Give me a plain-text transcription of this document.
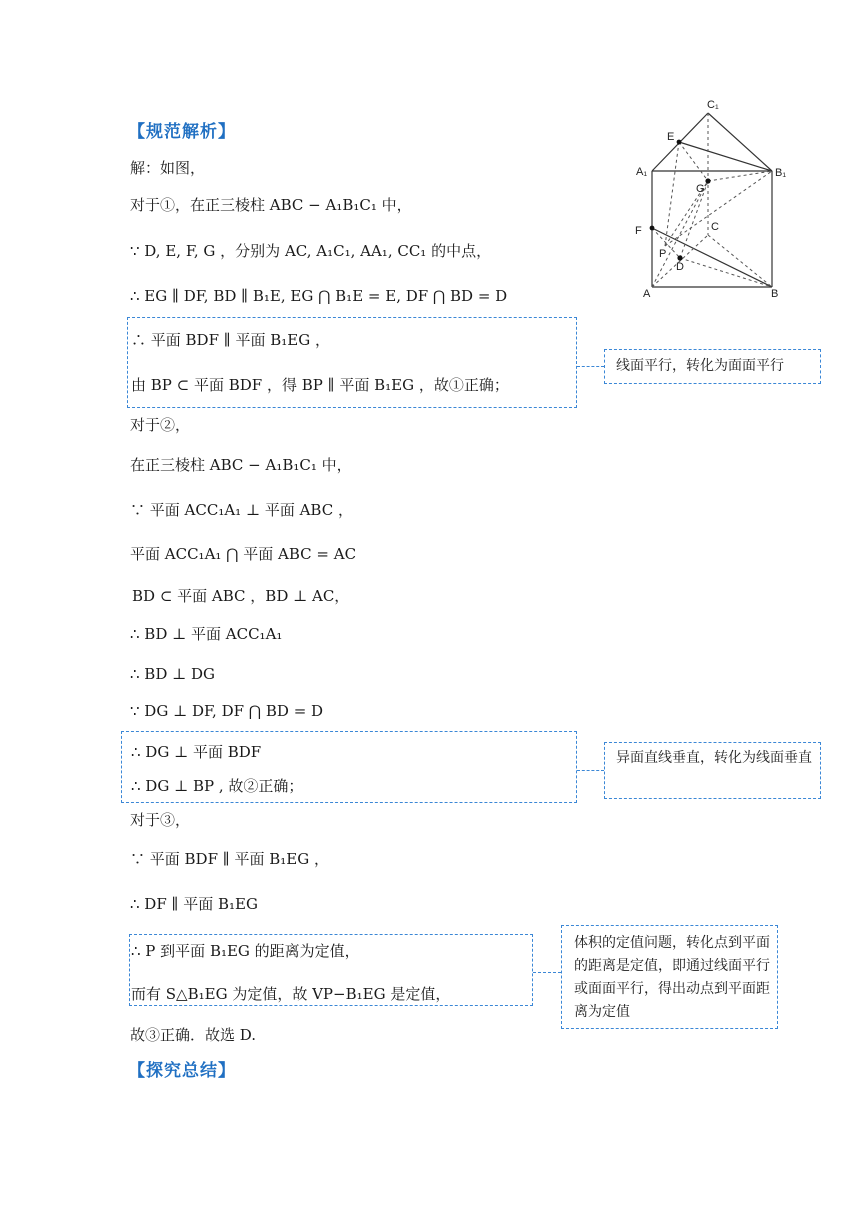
【规范解析】
解：如图，
对于①，在正三棱柱 ABC − A₁B₁C₁ 中，
∵ D, E, F, G ，分别为 AC, A₁C₁, AA₁, CC₁ 的中点，
∴ EG ∥ DF, BD ∥ B₁E, EG ⋂ B₁E = E, DF ⋂ BD = D
∴ 平面 BDF ∥ 平面 B₁EG ，
由 BP ⊂ 平面 BDF ，得 BP ∥ 平面 B₁EG ，故①正确；
线面平行，转化为面面平行
对于②，
在正三棱柱 ABC − A₁B₁C₁ 中，
∵ 平面 ACC₁A₁ ⊥ 平面 ABC ，
平面 ACC₁A₁ ⋂ 平面 ABC = AC
BD ⊂ 平面 ABC ，BD ⊥ AC，
∴ BD ⊥ 平面 ACC₁A₁
∴ BD ⊥ DG
∵ DG ⊥ DF, DF ⋂ BD = D
∴ DG ⊥ 平面 BDF
∴ DG ⊥ BP , 故②正确；
异面直线垂直，转化为线面垂直
对于③，
∵ 平面 BDF ∥ 平面 B₁EG ，
∴ DF ∥ 平面 B₁EG
∴ P 到平面 B₁EG 的距离为定值，
而有 S△B₁EG 为定值，故 VP−B₁EG 是定值，
体积的定值问题，转化点到平面的距离是定值，即通过线面平行或面面平行，得出动点到平面距离为定值
故③正确．故选 D.
【探究总结】
C₁
E
A₁	B₁
G
F	C
P
D
A	B
